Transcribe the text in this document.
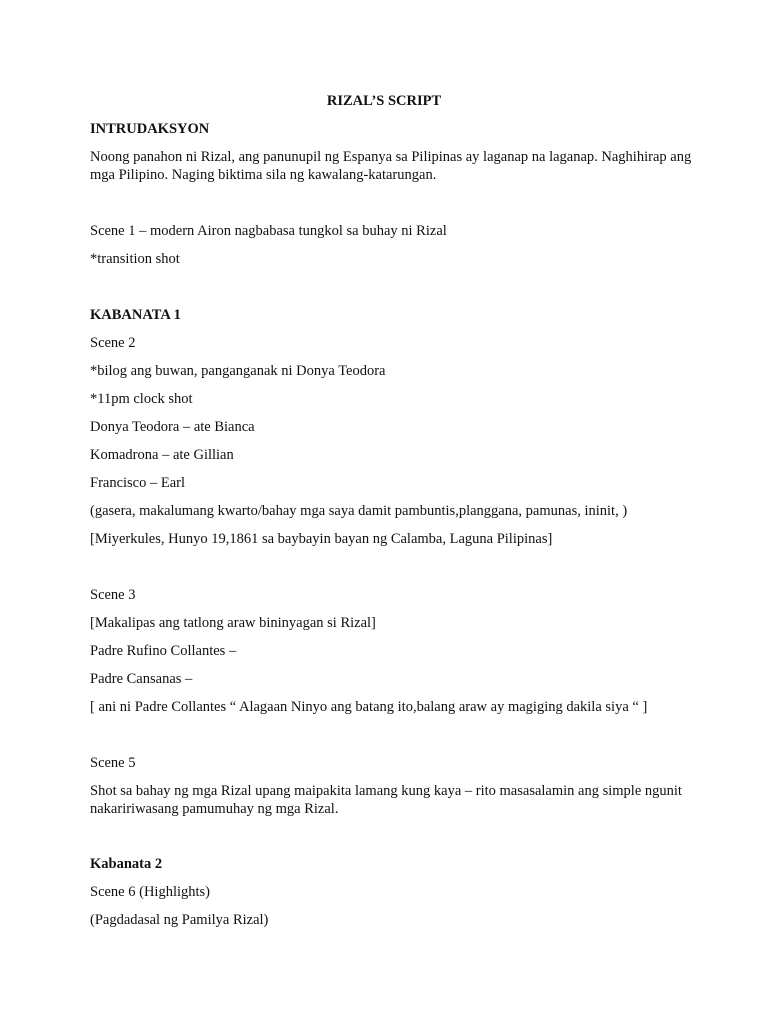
RIZAL’S SCRIPT
INTRUDAKSYON
Noong panahon ni Rizal, ang panunupil ng Espanya sa Pilipinas ay laganap na laganap. Naghihirap ang
mga Pilipino. Naging biktima sila ng kawalang-katarungan.
Scene 1 – modern Airon nagbabasa tungkol sa buhay ni Rizal
*transition shot
KABANATA 1
Scene 2
*bilog ang buwan, panganganak ni Donya Teodora
*11pm clock shot
Donya Teodora – ate Bianca
Komadrona – ate Gillian
Francisco – Earl
(gasera, makalumang kwarto/bahay mga saya damit pambuntis,planggana, pamunas, ininit, )
[Miyerkules, Hunyo 19,1861 sa baybayin bayan ng Calamba, Laguna Pilipinas]
Scene 3
[Makalipas ang tatlong araw bininyagan si Rizal]
Padre Rufino Collantes –
Padre Cansanas –
[ ani ni Padre Collantes “ Alagaan Ninyo ang batang ito,balang araw ay magiging dakila siya “ ]
Scene 5
Shot sa bahay ng mga Rizal upang maipakita lamang kung kaya – rito masasalamin ang simple ngunit
nakaririwasang pamumuhay ng mga Rizal.
Kabanata 2
Scene 6 (Highlights)
(Pagdadasal ng Pamilya Rizal)
